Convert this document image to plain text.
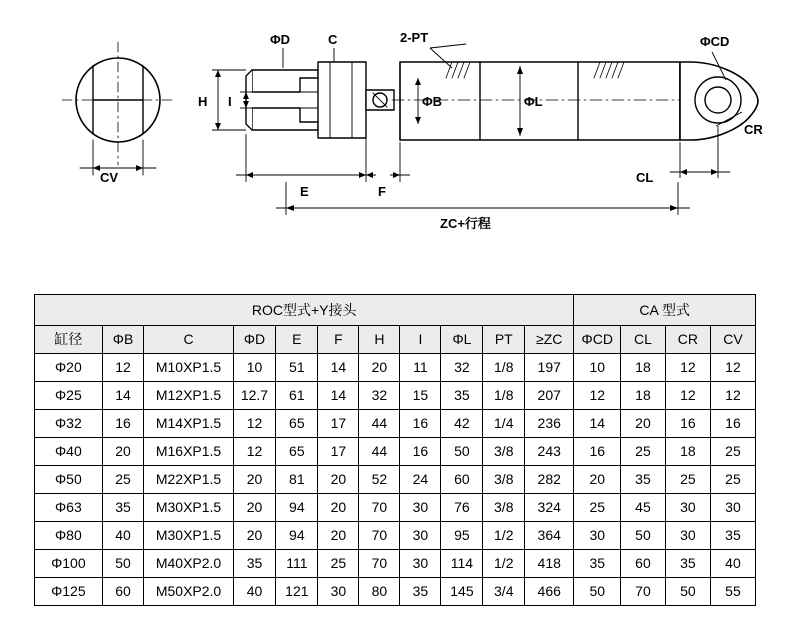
ΦD	C	2-PT	ΦCD
ΦB	ΦL
CR
CL
CV
H I
E	F
ZC+行程
ROC型式+Y接头											CA 型式			
缸径	ΦB	C	ΦD	E	F	H	I	ΦL	PT	≥ZC	ΦCD	CL	CR	CV
Φ20	12	M10XP1.5	10	51	14	20	11	32	1/8	197	10	18	12	12
Φ25	14	M12XP1.5	12.7	61	14	32	15	35	1/8	207	12	18	12	12
Φ32	16	M14XP1.5	12	65	17	44	16	42	1/4	236	14	20	16	16
Φ40	20	M16XP1.5	12	65	17	44	16	50	3/8	243	16	25	18	25
Φ50	25	M22XP1.5	20	81	20	52	24	60	3/8	282	20	35	25	25
Φ63	35	M30XP1.5	20	94	20	70	30	76	3/8	324	25	45	30	30
Φ80	40	M30XP1.5	20	94	20	70	30	95	1/2	364	30	50	30	35
Φ100	50	M40XP2.0	35	111	25	70	30	114	1/2	418	35	60	35	40
Φ125	60	M50XP2.0	40	121	30	80	35	145	3/4	466	50	70	50	55
